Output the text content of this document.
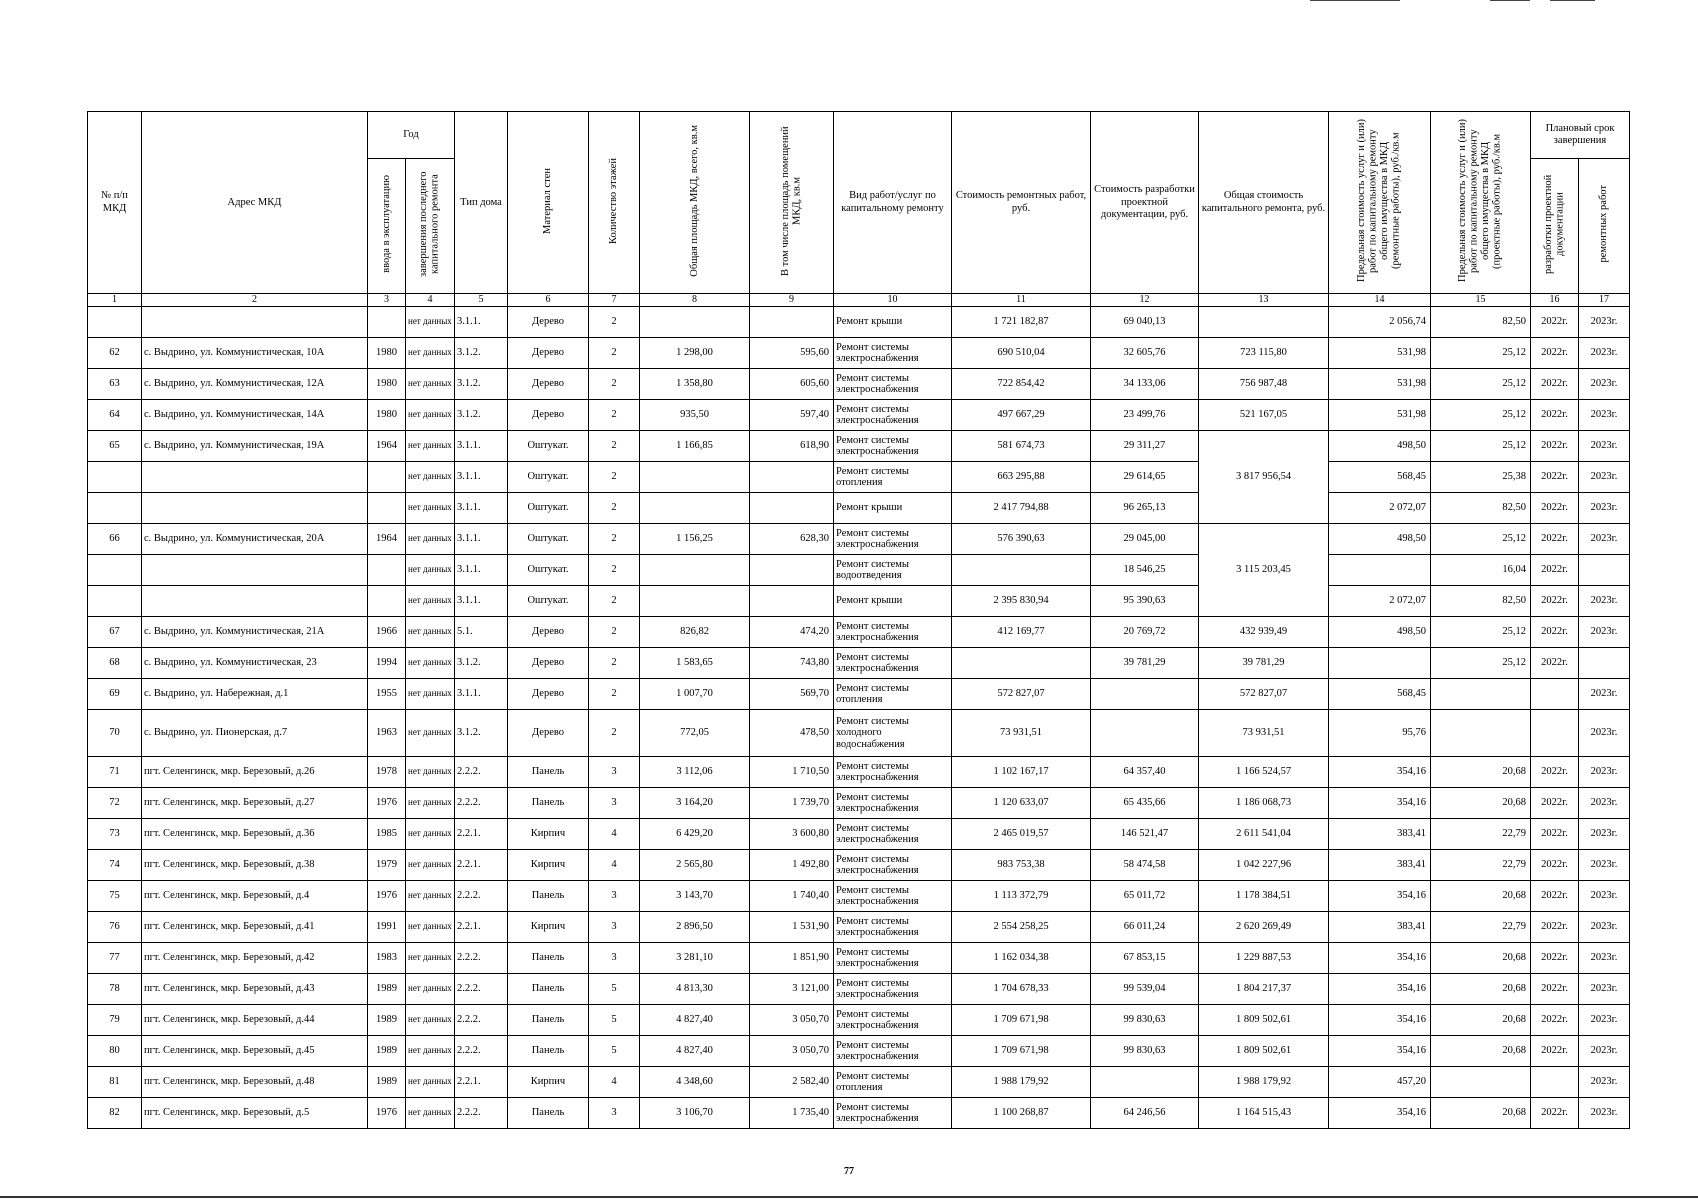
№ п/п МКД	Адрес МКД	Год		Тип дома	Материал стен	Количество этажей	Общая площадь МКД, всего, кв.м	В том числе площадь помещений МКД, кв.м	Вид работ/услуг по капитальному ремонту	Стоимость ремонтных работ, руб.	Стоимость разработки проектной документации, руб.	Общая стоимость капитального ремонта, руб.	Предельная стоимость услуг и (или) работ по капитальному ремонту общего имущества в МКД (ремонтные работы), руб./кв.м	Предельная стоимость услуг и (или) работ по капитальному ремонту общего имущества в МКД (проектные работы), руб./кв.м	Плановый срок завершения	
		ввода в эксплуатацию	завершения последнего капитального ремонта												разработки проектной документации	ремонтных работ
1	2	3	4	5	6	7	8	9	10	11	12	13	14	15	16	17
			нет данных	3.1.1.	Дерево	2			Ремонт крыши	1 721 182,87	69 040,13		2 056,74	82,50	2022г.	2023г.
62	с. Выдрино, ул. Коммунистическая, 10А	1980	нет данных	3.1.2.	Дерево	2	1 298,00	595,60	Ремонт системы электроснабжения	690 510,04	32 605,76	723 115,80	531,98	25,12	2022г.	2023г.
63	с. Выдрино, ул. Коммунистическая, 12А	1980	нет данных	3.1.2.	Дерево	2	1 358,80	605,60	Ремонт системы электроснабжения	722 854,42	34 133,06	756 987,48	531,98	25,12	2022г.	2023г.
64	с. Выдрино, ул. Коммунистическая, 14А	1980	нет данных	3.1.2.	Дерево	2	935,50	597,40	Ремонт системы электроснабжения	497 667,29	23 499,76	521 167,05	531,98	25,12	2022г.	2023г.
65	с. Выдрино, ул. Коммунистическая, 19А	1964	нет данных	3.1.1.	Оштукат.	2	1 166,85	618,90	Ремонт системы электроснабжения	581 674,73	29 311,27	3 817 956,54	498,50	25,12	2022г.	2023г.
			нет данных	3.1.1.	Оштукат.	2			Ремонт системы отопления	663 295,88	29 614,65		568,45	25,38	2022г.	2023г.
			нет данных	3.1.1.	Оштукат.	2			Ремонт крыши	2 417 794,88	96 265,13		2 072,07	82,50	2022г.	2023г.
66	с. Выдрино, ул. Коммунистическая, 20А	1964	нет данных	3.1.1.	Оштукат.	2	1 156,25	628,30	Ремонт системы электроснабжения	576 390,63	29 045,00	3 115 203,45	498,50	25,12	2022г.	2023г.
			нет данных	3.1.1.	Оштукат.	2			Ремонт системы водоотведения		18 546,25			16,04	2022г.	
			нет данных	3.1.1.	Оштукат.	2			Ремонт крыши	2 395 830,94	95 390,63		2 072,07	82,50	2022г.	2023г.
67	с. Выдрино, ул. Коммунистическая, 21А	1966	нет данных	5.1.	Дерево	2	826,82	474,20	Ремонт системы электроснабжения	412 169,77	20 769,72	432 939,49	498,50	25,12	2022г.	2023г.
68	с. Выдрино, ул. Коммунистическая, 23	1994	нет данных	3.1.2.	Дерево	2	1 583,65	743,80	Ремонт системы электроснабжения		39 781,29	39 781,29		25,12	2022г.	
69	с. Выдрино, ул. Набережная, д.1	1955	нет данных	3.1.1.	Дерево	2	1 007,70	569,70	Ремонт системы отопления	572 827,07		572 827,07	568,45			2023г.
70	с. Выдрино, ул. Пионерская, д.7	1963	нет данных	3.1.2.	Дерево	2	772,05	478,50	Ремонт системы холодного водоснабжения	73 931,51		73 931,51	95,76			2023г.
71	пгт. Селенгинск, мкр. Березовый, д.26	1978	нет данных	2.2.2.	Панель	3	3 112,06	1 710,50	Ремонт системы электроснабжения	1 102 167,17	64 357,40	1 166 524,57	354,16	20,68	2022г.	2023г.
72	пгт. Селенгинск, мкр. Березовый, д.27	1976	нет данных	2.2.2.	Панель	3	3 164,20	1 739,70	Ремонт системы электроснабжения	1 120 633,07	65 435,66	1 186 068,73	354,16	20,68	2022г.	2023г.
73	пгт. Селенгинск, мкр. Березовый, д.36	1985	нет данных	2.2.1.	Кирпич	4	6 429,20	3 600,80	Ремонт системы электроснабжения	2 465 019,57	146 521,47	2 611 541,04	383,41	22,79	2022г.	2023г.
74	пгт. Селенгинск, мкр. Березовый, д.38	1979	нет данных	2.2.1.	Кирпич	4	2 565,80	1 492,80	Ремонт системы электроснабжения	983 753,38	58 474,58	1 042 227,96	383,41	22,79	2022г.	2023г.
75	пгт. Селенгинск, мкр. Березовый, д.4	1976	нет данных	2.2.2.	Панель	3	3 143,70	1 740,40	Ремонт системы электроснабжения	1 113 372,79	65 011,72	1 178 384,51	354,16	20,68	2022г.	2023г.
76	пгт. Селенгинск, мкр. Березовый, д.41	1991	нет данных	2.2.1.	Кирпич	3	2 896,50	1 531,90	Ремонт системы электроснабжения	2 554 258,25	66 011,24	2 620 269,49	383,41	22,79	2022г.	2023г.
77	пгт. Селенгинск, мкр. Березовый, д.42	1983	нет данных	2.2.2.	Панель	3	3 281,10	1 851,90	Ремонт системы электроснабжения	1 162 034,38	67 853,15	1 229 887,53	354,16	20,68	2022г.	2023г.
78	пгт. Селенгинск, мкр. Березовый, д.43	1989	нет данных	2.2.2.	Панель	5	4 813,30	3 121,00	Ремонт системы электроснабжения	1 704 678,33	99 539,04	1 804 217,37	354,16	20,68	2022г.	2023г.
79	пгт. Селенгинск, мкр. Березовый, д.44	1989	нет данных	2.2.2.	Панель	5	4 827,40	3 050,70	Ремонт системы электроснабжения	1 709 671,98	99 830,63	1 809 502,61	354,16	20,68	2022г.	2023г.
80	пгт. Селенгинск, мкр. Березовый, д.45	1989	нет данных	2.2.2.	Панель	5	4 827,40	3 050,70	Ремонт системы электроснабжения	1 709 671,98	99 830,63	1 809 502,61	354,16	20,68	2022г.	2023г.
81	пгт. Селенгинск, мкр. Березовый, д.48	1989	нет данных	2.2.1.	Кирпич	4	4 348,60	2 582,40	Ремонт системы отопления	1 988 179,92		1 988 179,92	457,20			2023г.
82	пгт. Селенгинск, мкр. Березовый, д.5	1976	нет данных	2.2.2.	Панель	3	3 106,70	1 735,40	Ремонт системы электроснабжения	1 100 268,87	64 246,56	1 164 515,43	354,16	20,68	2022г.	2023г.
77
